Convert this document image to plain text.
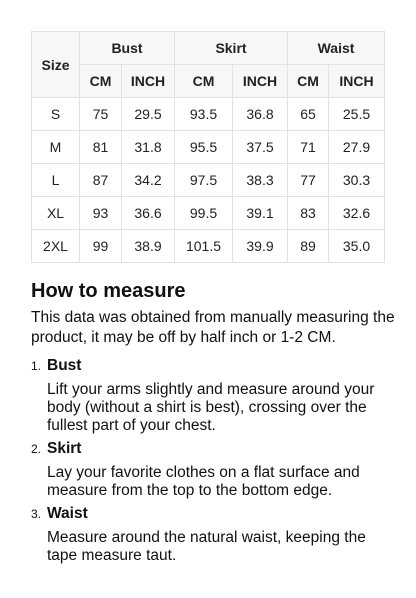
Size	Bust		Skirt		Waist	
	CM	INCH	CM	INCH	CM	INCH
S	75	29.5	93.5	36.8	65	25.5
M	81	31.8	95.5	37.5	71	27.9
L	87	34.2	97.5	38.3	77	30.3
XL	93	36.6	99.5	39.1	83	32.6
2XL	99	38.9	101.5	39.9	89	35.0
How to measure
This data was obtained from manually measuring the product, it may be off by half inch or 1-2 CM.
1. Bust
Lift your arms slightly and measure around your body (without a shirt is best), crossing over the fullest part of your chest.
2. Skirt
Lay your favorite clothes on a flat surface and measure from the top to the bottom edge.
3. Waist
Measure around the natural waist, keeping the tape measure taut.
